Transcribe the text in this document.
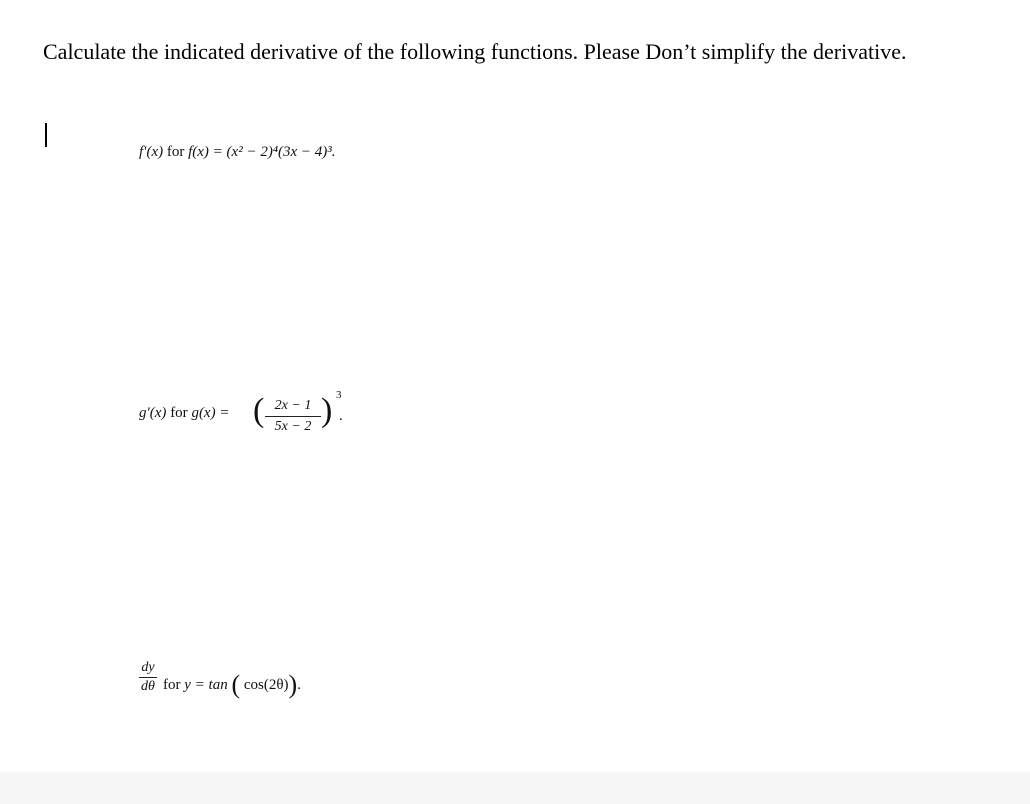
Calculate the indicated derivative of the following functions. Please Don’t simplify the derivative.
f′(x) for f(x) = (x² − 2)⁴(3x − 4)³.
g′(x) for g(x) = ( $\frac{2x - 1}{5x - 2}$ ) 3
.
$\frac{dy}{d\theta}$ for y = tan ( cos(2θ)).
